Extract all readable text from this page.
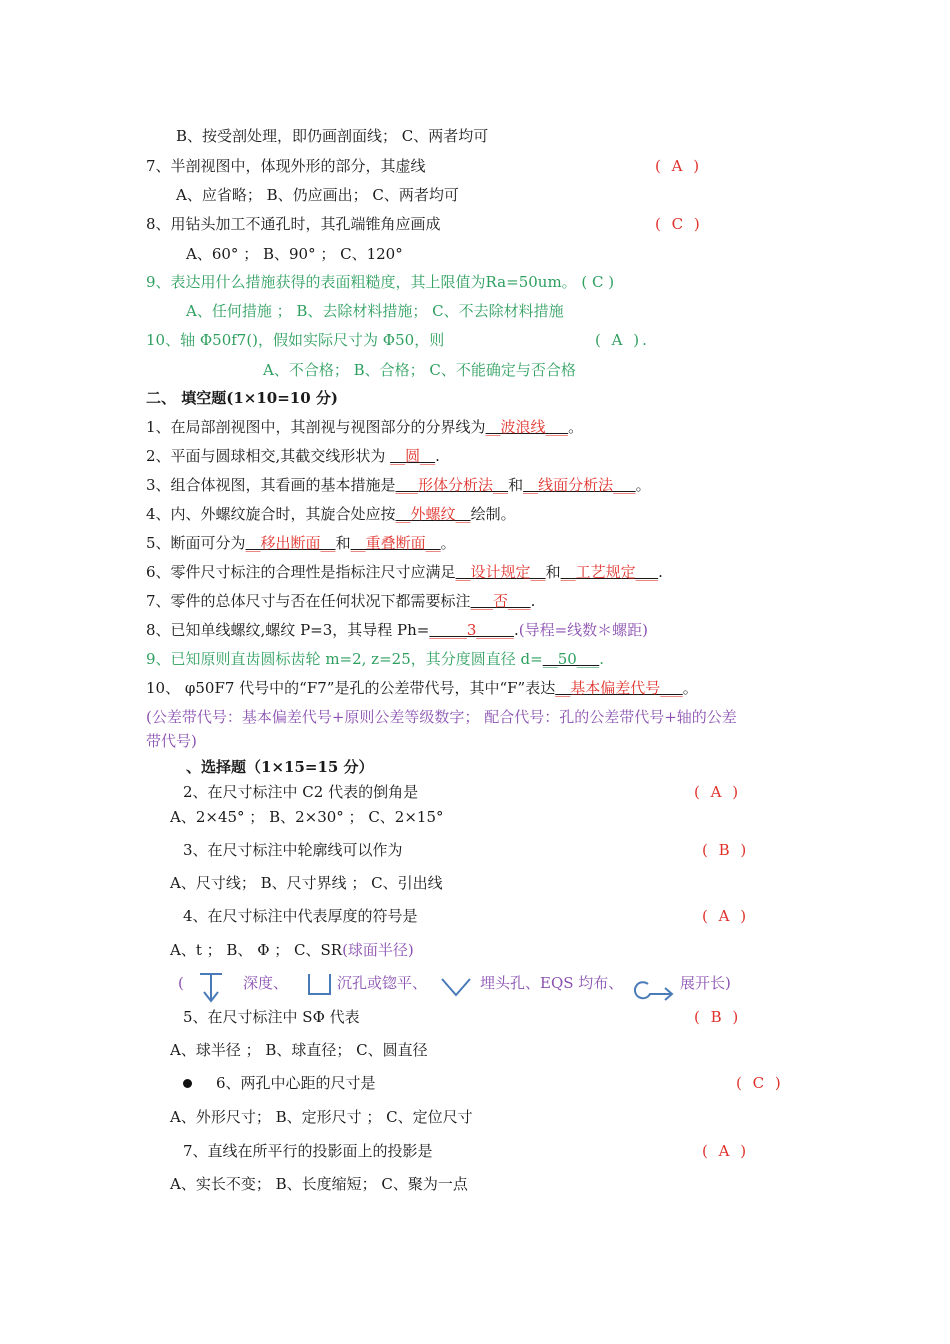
B、按受剖处理，即仍画剖面线； C、两者均可
7、半剖视图中，体现外形的部分，其虚线	( A )
A、应省略； B、仍应画出； C、两者均可
8、用钻头加工不通孔时，其孔端锥角应画成	( C )
A、60° ； B、90° ； C、120°
9、表达用什么措施获得的表面粗糙度，其上限值为Ra=50um。 ( C )
A、任何措施 ； B、去除材料措施； C、不去除材料措施
10、轴 Φ50f7()，假如实际尺寸为 Φ50，则	( A ).
A、不合格； B、合格； C、不能确定与否合格
二、 填空题(1×10=10 分)
1、在局部剖视图中，其剖视与视图部分的分界线为__波浪线___。
2、平面与圆球相交,其截交线形状为 __圆__.
3、组合体视图，其看画的基本措施是___形体分析法__和__线面分析法___。
4、内、外螺纹旋合时，其旋合处应按__外螺纹__绘制。
5、断面可分为__移出断面__和__重叠断面__。
6、零件尺寸标注的合理性是指标注尺寸应满足__设计规定__和__工艺规定___.
7、零件的总体尺寸与否在任何状况下都需要标注___否___.
8、已知单线螺纹,螺纹 P=3，其导程 Ph=_____3_____.(导程=线数＊螺距)
9、已知原则直齿圆标齿轮 m=2, z=25，其分度圆直径 d=__50___.
10、 φ50F7 代号中的“F7”是孔的公差带代号，其中“F”表达__基本偏差代号___。
(公差带代号：基本偏差代号+原则公差等级数字； 配合代号：孔的公差带代号+轴的公差
带代号)
、选择题（1×15=15 分）
2、在尺寸标注中 C2 代表的倒角是	( A )
A、2×45° ； B、2×30° ； C、2×15°
3、在尺寸标注中轮廓线可以作为	( B )
A、尺寸线； B、尺寸界线 ； C、引出线
4、在尺寸标注中代表厚度的符号是	( A )
A、t ； B、 Φ ； C、SR(球面半径)
(	深度、	沉孔或锪平、	埋头孔、EQS 均布、	展开长)
5、在尺寸标注中 SΦ 代表	( B )
A、球半径 ； B、球直径； C、圆直径
6、两孔中心距的尺寸是	( C )
A、外形尺寸； B、定形尺寸 ； C、定位尺寸
7、直线在所平行的投影面上的投影是	( A )
A、实长不变； B、长度缩短； C、聚为一点
